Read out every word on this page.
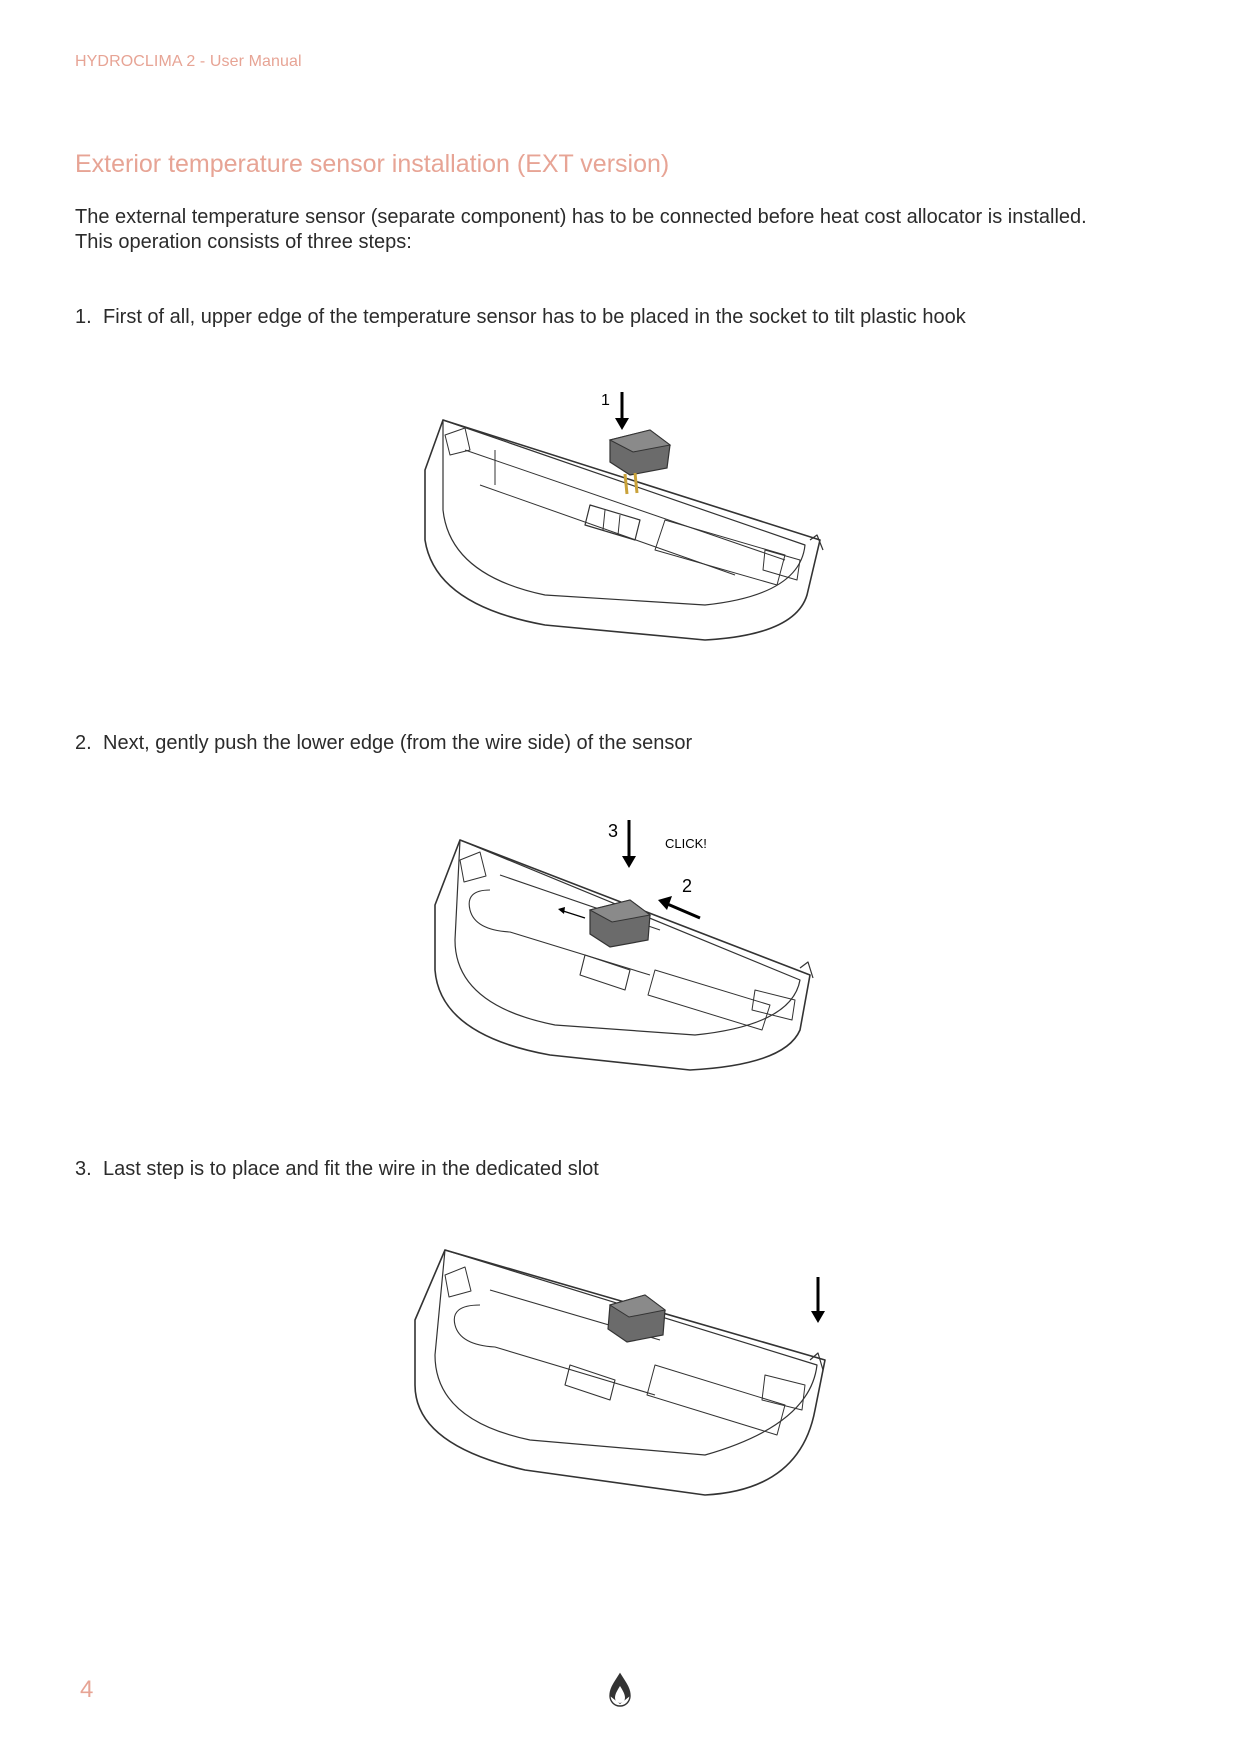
HYDROCLIMA 2 - User Manual
Exterior temperature sensor installation (EXT version)

The external temperature sensor (separate component) has to be connected before heat cost allocator is installed.

This operation consists of three steps:

1. First of all, upper edge of the temperature sensor has to be placed in the socket to tilt plastic hook
1
2. Next, gently push the lower edge (from the wire side) of the sensor
3
CLICK!
2
3. Last step is to place and fit the wire in the dedicated slot
4
